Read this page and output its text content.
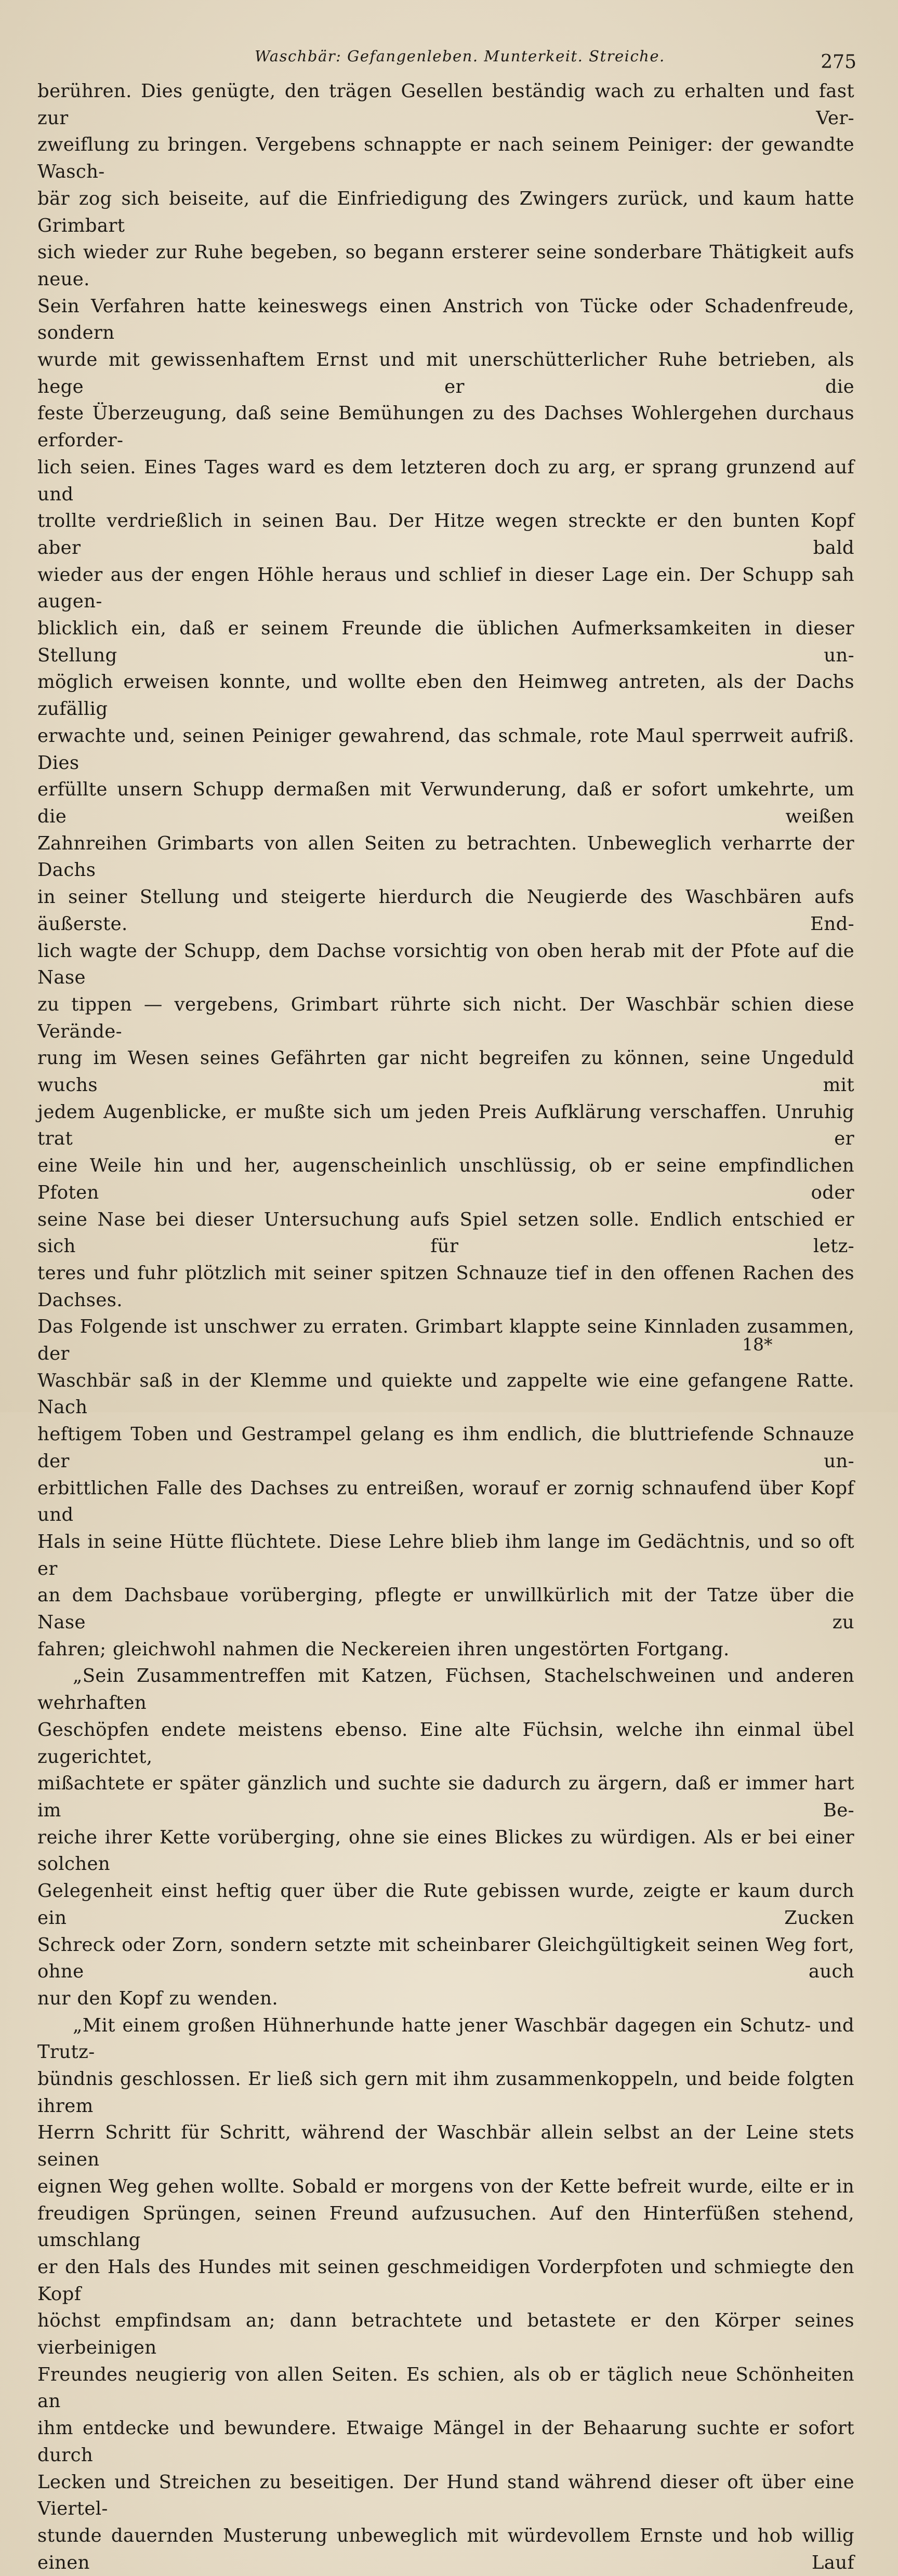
Waschbär: Gefangenleben. Munterkeit. Streiche.	275
berühren. Dies genügte, den trägen Gesellen beständig wach zu erhalten und fast zur Ver-
zweiflung zu bringen. Vergebens schnappte er nach seinem Peiniger: der gewandte Wasch-
bär zog sich beiseite, auf die Einfriedigung des Zwingers zurück, und kaum hatte Grimbart
sich wieder zur Ruhe begeben, so begann ersterer seine sonderbare Thätigkeit aufs neue.
Sein Verfahren hatte keineswegs einen Anstrich von Tücke oder Schadenfreude, sondern
wurde mit gewissenhaftem Ernst und mit unerschütterlicher Ruhe betrieben, als hege er die
feste Überzeugung, daß seine Bemühungen zu des Dachses Wohlergehen durchaus erforder-
lich seien. Eines Tages ward es dem letzteren doch zu arg, er sprang grunzend auf und
trollte verdrießlich in seinen Bau. Der Hitze wegen streckte er den bunten Kopf aber bald
wieder aus der engen Höhle heraus und schlief in dieser Lage ein. Der Schupp sah augen-
blicklich ein, daß er seinem Freunde die üblichen Aufmerksamkeiten in dieser Stellung un-
möglich erweisen konnte, und wollte eben den Heimweg antreten, als der Dachs zufällig
erwachte und, seinen Peiniger gewahrend, das schmale, rote Maul sperrweit aufriß. Dies
erfüllte unsern Schupp dermaßen mit Verwunderung, daß er sofort umkehrte, um die weißen
Zahnreihen Grimbarts von allen Seiten zu betrachten. Unbeweglich verharrte der Dachs
in seiner Stellung und steigerte hierdurch die Neugierde des Waschbären aufs äußerste. End-
lich wagte der Schupp, dem Dachse vorsichtig von oben herab mit der Pfote auf die Nase
zu tippen — vergebens, Grimbart rührte sich nicht. Der Waschbär schien diese Verände-
rung im Wesen seines Gefährten gar nicht begreifen zu können, seine Ungeduld wuchs mit
jedem Augenblicke, er mußte sich um jeden Preis Aufklärung verschaffen. Unruhig trat er
eine Weile hin und her, augenscheinlich unschlüssig, ob er seine empfindlichen Pfoten oder
seine Nase bei dieser Untersuchung aufs Spiel setzen solle. Endlich entschied er sich für letz-
teres und fuhr plötzlich mit seiner spitzen Schnauze tief in den offenen Rachen des Dachses.
Das Folgende ist unschwer zu erraten. Grimbart klappte seine Kinnladen zusammen, der
Waschbär saß in der Klemme und quiekte und zappelte wie eine gefangene Ratte. Nach
heftigem Toben und Gestrampel gelang es ihm endlich, die bluttriefende Schnauze der un-
erbittlichen Falle des Dachses zu entreißen, worauf er zornig schnaufend über Kopf und
Hals in seine Hütte flüchtete. Diese Lehre blieb ihm lange im Gedächtnis, und so oft er
an dem Dachsbaue vorüberging, pflegte er unwillkürlich mit der Tatze über die Nase zu
fahren; gleichwohl nahmen die Neckereien ihren ungestörten Fortgang.
„Sein Zusammentreffen mit Katzen, Füchsen, Stachelschweinen und anderen wehrhaften
Geschöpfen endete meistens ebenso. Eine alte Füchsin, welche ihn einmal übel zugerichtet,
mißachtete er später gänzlich und suchte sie dadurch zu ärgern, daß er immer hart im Be-
reiche ihrer Kette vorüberging, ohne sie eines Blickes zu würdigen. Als er bei einer solchen
Gelegenheit einst heftig quer über die Rute gebissen wurde, zeigte er kaum durch ein Zucken
Schreck oder Zorn, sondern setzte mit scheinbarer Gleichgültigkeit seinen Weg fort, ohne auch
nur den Kopf zu wenden.
„Mit einem großen Hühnerhunde hatte jener Waschbär dagegen ein Schutz- und Trutz-
bündnis geschlossen. Er ließ sich gern mit ihm zusammenkoppeln, und beide folgten ihrem
Herrn Schritt für Schritt, während der Waschbär allein selbst an der Leine stets seinen
eignen Weg gehen wollte. Sobald er morgens von der Kette befreit wurde, eilte er in
freudigen Sprüngen, seinen Freund aufzusuchen. Auf den Hinterfüßen stehend, umschlang
er den Hals des Hundes mit seinen geschmeidigen Vorderpfoten und schmiegte den Kopf
höchst empfindsam an; dann betrachtete und betastete er den Körper seines vierbeinigen
Freundes neugierig von allen Seiten. Es schien, als ob er täglich neue Schönheiten an
ihm entdecke und bewundere. Etwaige Mängel in der Behaarung suchte er sofort durch
Lecken und Streichen zu beseitigen. Der Hund stand während dieser oft über eine Viertel-
stunde dauernden Musterung unbeweglich mit würdevollem Ernste und hob willig einen Lauf
18*
